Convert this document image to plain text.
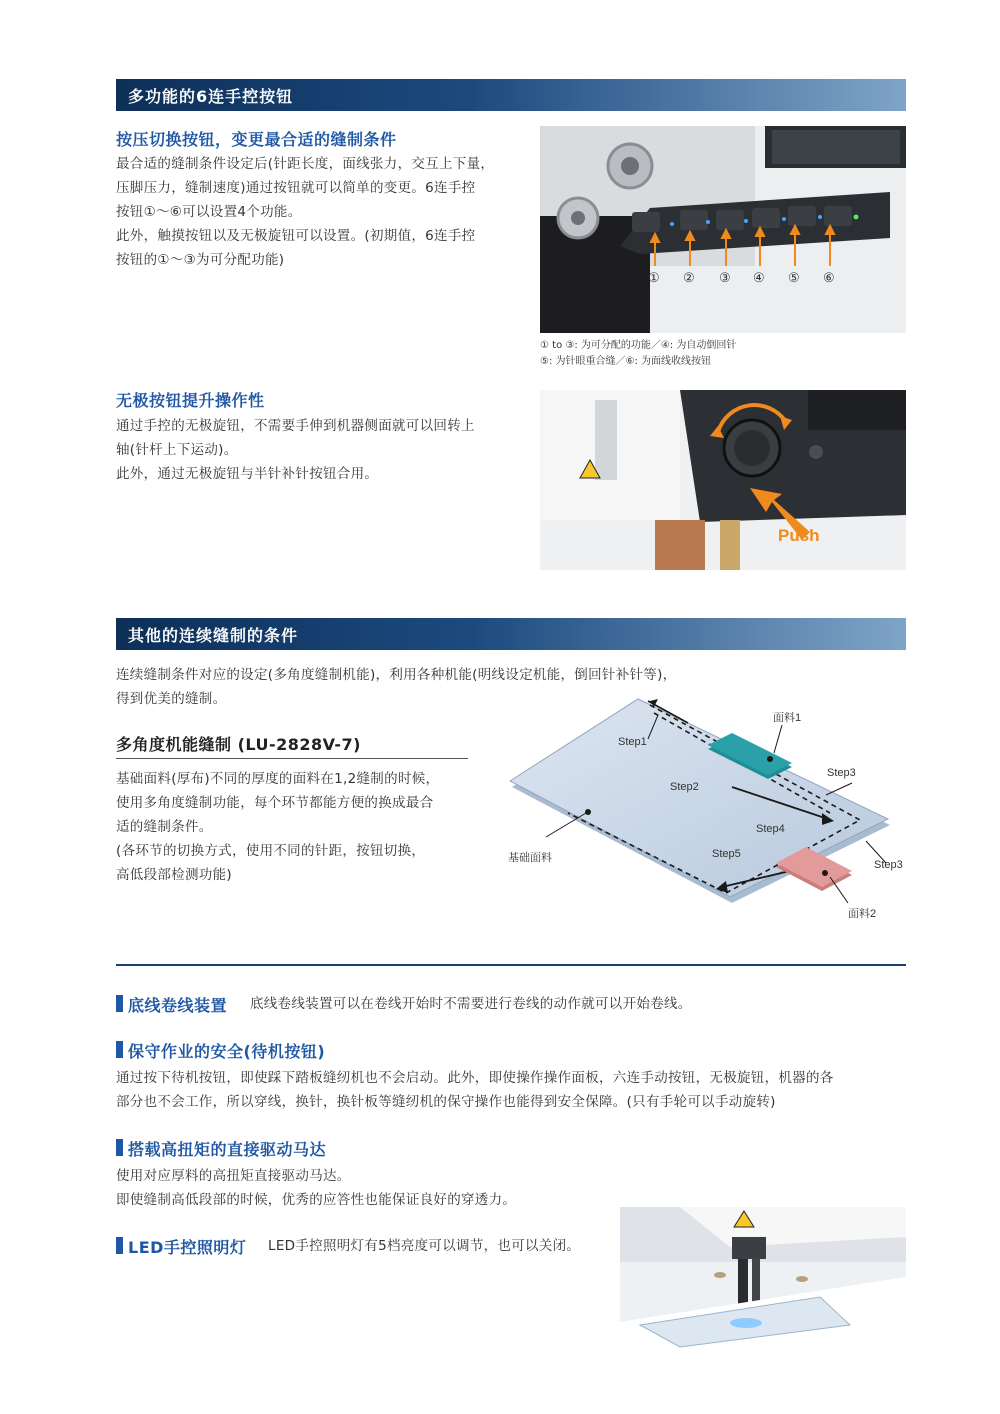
多功能的6连手控按钮
按压切换按钮，变更最合适的缝制条件
最合适的缝制条件设定后(针距长度，面线张力，交互上下量，
压脚压力，缝制速度)通过按钮就可以简单的变更。6连手控
按钮①～⑥可以设置4个功能。
此外，触摸按钮以及无极旋钮可以设置。(初期值，6连手控
按钮的①～③为可分配功能)
① ② ③ ④ ⑤ ⑥
① to ③: 为可分配的功能／④: 为自动倒回针
⑤: 为针眼重合缝／⑥: 为面线收线按钮
无极按钮提升操作性
通过手控的无极旋钮，不需要手伸到机器侧面就可以回转上
轴(针杆上下运动)。
此外，通过无极旋钮与半针补针按钮合用。
Push
其他的连续缝制的条件
连续缝制条件对应的设定(多角度缝制机能)，利用各种机能(明线设定机能，倒回针补针等)，
得到优美的缝制。
多角度机能缝制 (LU-2828V-7)
基础面料(厚布)不同的厚度的面料在1,2缝制的时候，
使用多角度缝制功能，每个环节都能方便的换成最合
适的缝制条件。
(各环节的切换方式，使用不同的针距，按钮切换，
高低段部检测功能)
面料1
Step1
Step2
Step3
Step4
Step5
Step3
基础面料
面料2
底线卷线装置 底线卷线装置可以在卷线开始时不需要进行卷线的动作就可以开始卷线。
保守作业的安全(待机按钮)
通过按下待机按钮，即使踩下踏板缝纫机也不会启动。此外，即使操作操作面板，六连手动按钮，无极旋钮，机器的各
部分也不会工作，所以穿线，换针，换针板等缝纫机的保守操作也能得到安全保障。(只有手轮可以手动旋转)
搭载高扭矩的直接驱动马达
使用对应厚料的高扭矩直接驱动马达。
即使缝制高低段部的时候，优秀的应答性也能保证良好的穿透力。
LED手控照明灯 LED手控照明灯有5档亮度可以调节，也可以关闭。
